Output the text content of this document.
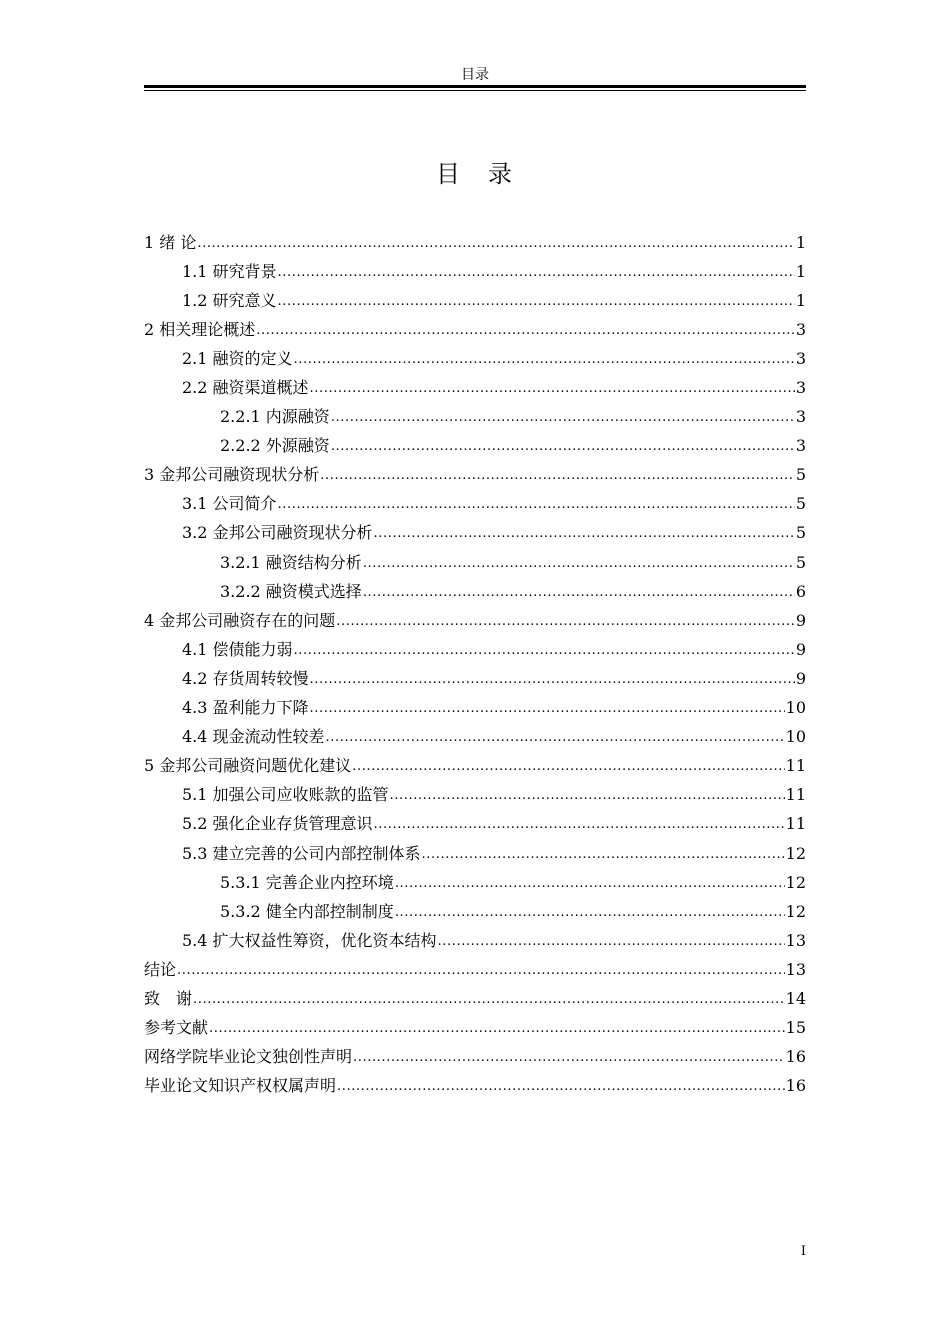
目录
目　录
1 绪 论 .....	1
1.1 研究背景 .....	1
1.2 研究意义 .....	1
2 相关理论概述 .....	3
2.1 融资的定义 .....	3
2.2 融资渠道概述 .....	3
2.2.1 内源融资 .....	3
2.2.2 外源融资 .....	3
3 金邦公司融资现状分析 .....	5
3.1 公司简介 .....	5
3.2 金邦公司融资现状分析 .....	5
3.2.1 融资结构分析 .....	5
3.2.2 融资模式选择 .....	6
4 金邦公司融资存在的问题 .....	9
4.1 偿债能力弱 .....	9
4.2 存货周转较慢 .....	9
4.3 盈利能力下降 .....	10
4.4 现金流动性较差 .....	10
5 金邦公司融资问题优化建议 .....	11
5.1 加强公司应收账款的监管 .....	11
5.2 强化企业存货管理意识 .....	11
5.3 建立完善的公司内部控制体系 .....	12
5.3.1 完善企业内控环境 .....	12
5.3.2 健全内部控制制度 .....	12
5.4 扩大权益性筹资，优化资本结构 .....	13
结论 .....	13
致　谢 .....	14
参考文献 .....	15
网络学院毕业论文独创性声明 .....	16
毕业论文知识产权权属声明 .....	16
I
